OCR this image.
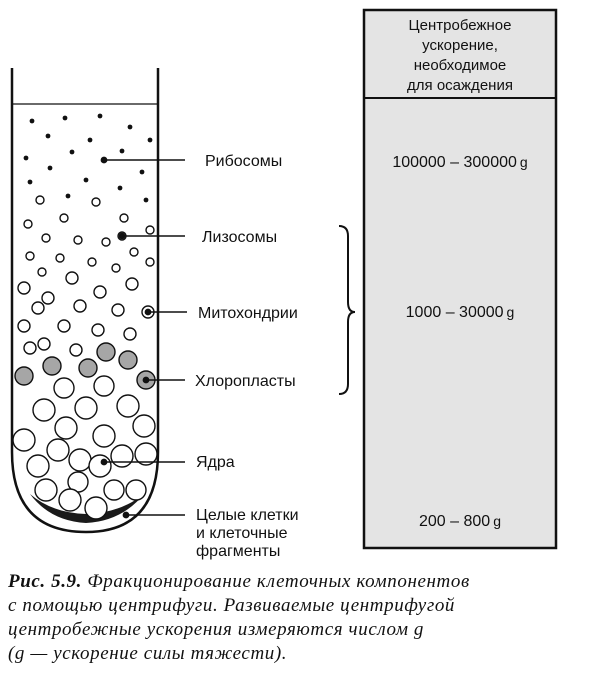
Центробежное
ускорение,
необходимое
для осаждения
100000 – 300000 g
1000 – 30000 g
200 – 800 g
Рибосомы
Лизосомы
Митохондрии
Хлоропласты
Ядра
Целые клетки
и клеточные
фрагменты
Рис. 5.9. Фракционирование клеточных компонентов
с помощью центрифуги. Развиваемые центрифугой
центробежные ускорения измеряются числом g
(g — ускорение силы тяжести).
